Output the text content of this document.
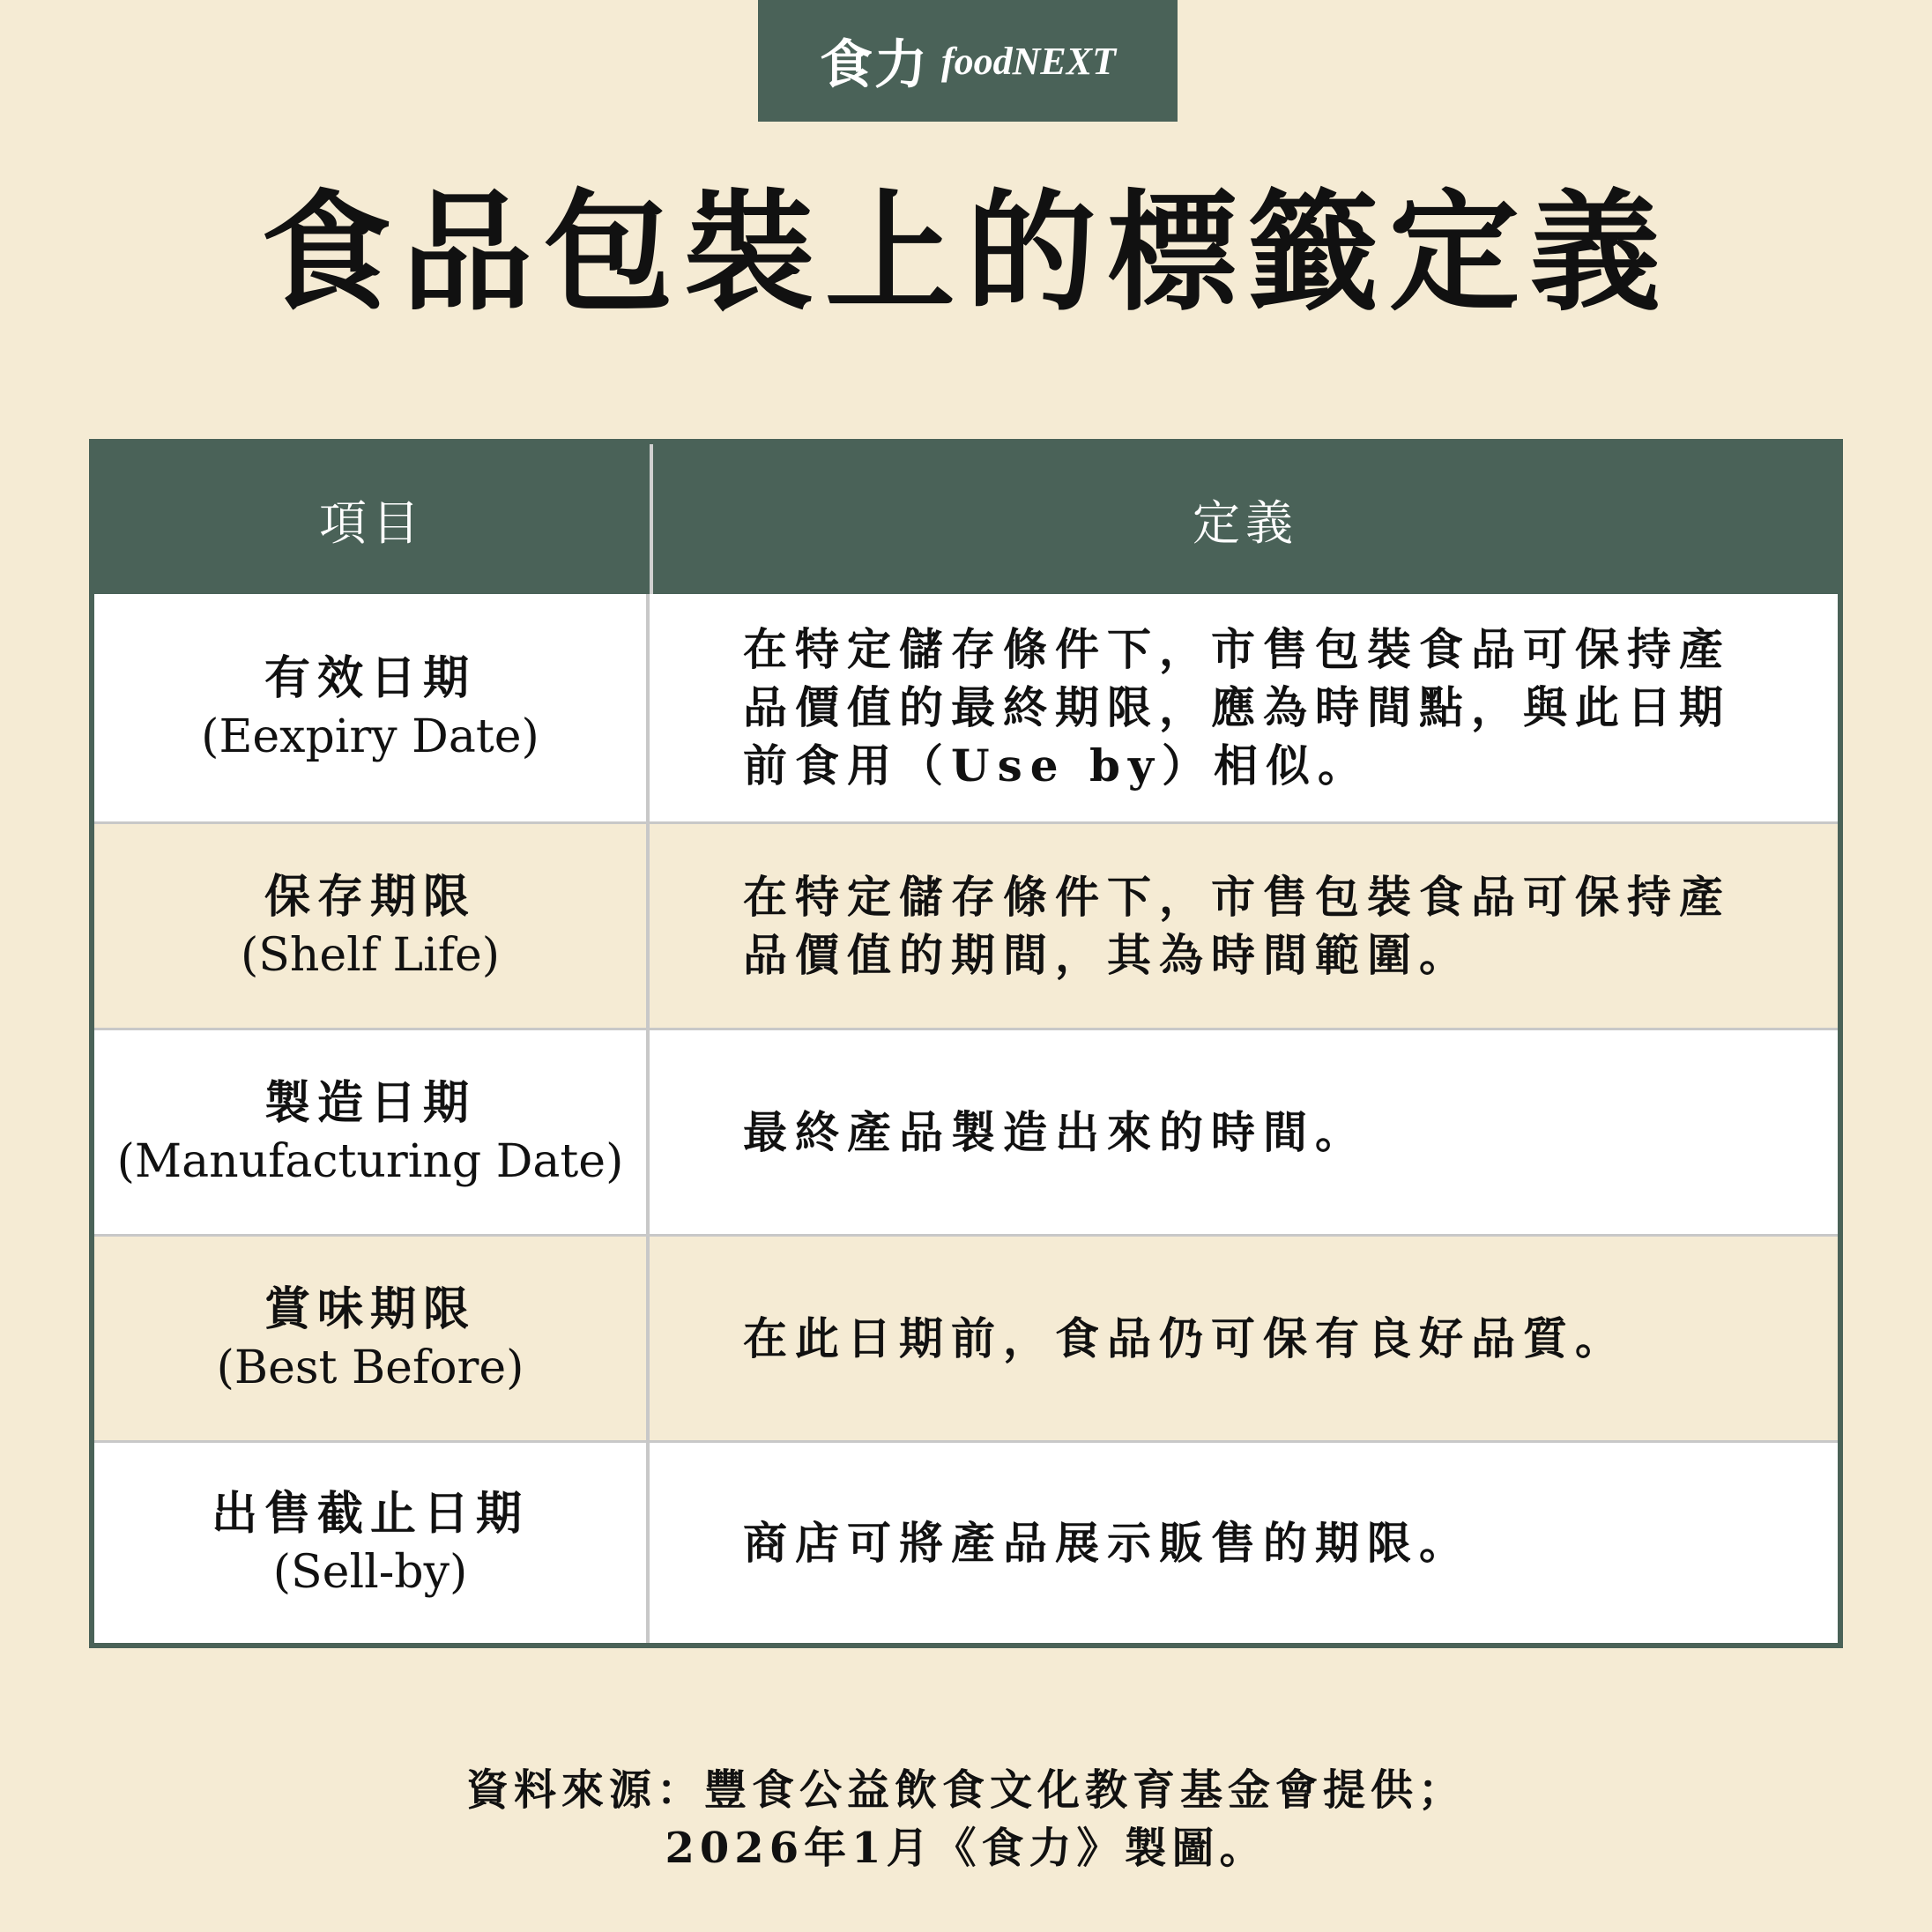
食力 foodNEXT
食品包裝上的標籤定義
項目	定義
有效日期
(Eexpiry Date)
在特定儲存條件下，市售包裝食品可保持產品價值的最終期限，應為時間點，與此日期前食用（Use by）相似。
保存期限
(Shelf Life)
在特定儲存條件下，市售包裝食品可保持產品價值的期間，其為時間範圍。
製造日期
(Manufacturing Date)
最終產品製造出來的時間。
賞味期限
(Best Before)
在此日期前，食品仍可保有良好品質。
出售截止日期
(Sell-by)
商店可將產品展示販售的期限。
資料來源：豐食公益飲食文化教育基金會提供；
2026年1月《食力》製圖。
